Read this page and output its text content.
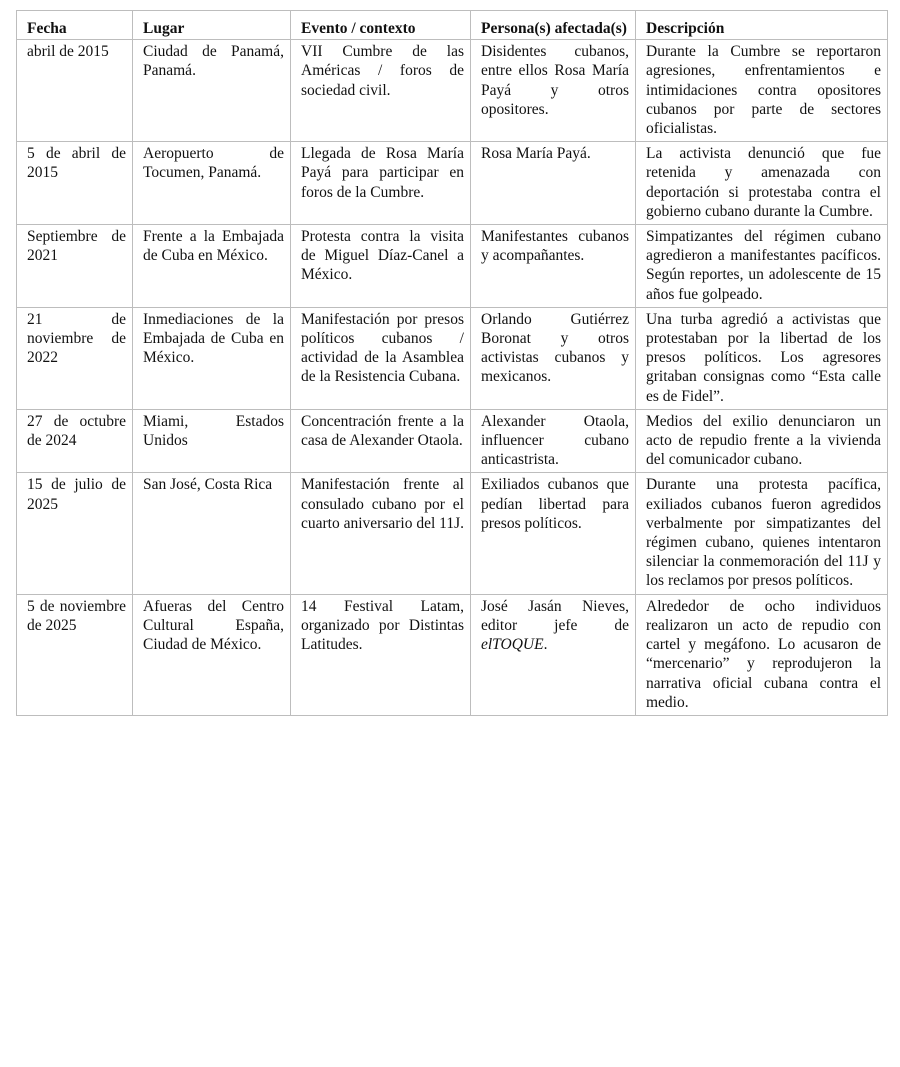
Fecha	Lugar	Evento / contexto	Persona(s) afectada(s)	Descripción

abril de 2015	Ciudad de Panamá, Panamá.	VII Cumbre de las Américas / foros de sociedad civil.	Disidentes cubanos, entre ellos Rosa María Payá y otros opositores.	Durante la Cumbre se reportaron agresiones, enfrentamientos e intimidaciones contra opositores cubanos por parte de sectores oficialistas.

5 de abril de 2015	Aeropuerto de Tocumen, Panamá.	Llegada de Rosa María Payá para participar en foros de la Cumbre.	Rosa María Payá.	La activista denunció que fue retenida y amenazada con deportación si protestaba contra el gobierno cubano durante la Cumbre.

Septiembre de 2021	Frente a la Embajada de Cuba en México.	Protesta contra la visita de Miguel Díaz-Canel a México.	Manifestantes cubanos y acompañantes.	Simpatizantes del régimen cubano agredieron a manifestantes pacíficos. Según reportes, un adolescente de 15 años fue golpeado.

21 de noviembre de 2022	Inmediaciones de la Embajada de Cuba en México.	Manifestación por presos políticos cubanos / actividad de la Asamblea de la Resistencia Cubana.	Orlando Gutiérrez Boronat y otros activistas cubanos y mexicanos.	Una turba agredió a activistas que protestaban por la libertad de los presos políticos. Los agresores gritaban consignas como “Esta calle es de Fidel”.

27 de octubre de 2024	Miami, Estados Unidos	Concentración frente a la casa de Alexander Otaola.	Alexander Otaola, influencer cubano anticastrista.	Medios del exilio denunciaron un acto de repudio frente a la vivienda del comunicador cubano.

15 de julio de 2025	San José, Costa Rica	Manifestación frente al consulado cubano por el cuarto aniversario del 11J.	Exiliados cubanos que pedían libertad para presos políticos.	Durante una protesta pacífica, exiliados cubanos fueron agredidos verbalmente por simpatizantes del régimen cubano, quienes intentaron silenciar la conmemoración del 11J y los reclamos por presos políticos.

5 de noviembre de 2025	Afueras del Centro Cultural España, Ciudad de México.	14 Festival Latam, organizado por Distintas Latitudes.	José Jasán Nieves, editor jefe de elTOQUE.	Alrededor de ocho individuos realizaron un acto de repudio con cartel y megáfono. Lo acusaron de “mercenario” y reprodujeron la narrativa oficial cubana contra el medio.
